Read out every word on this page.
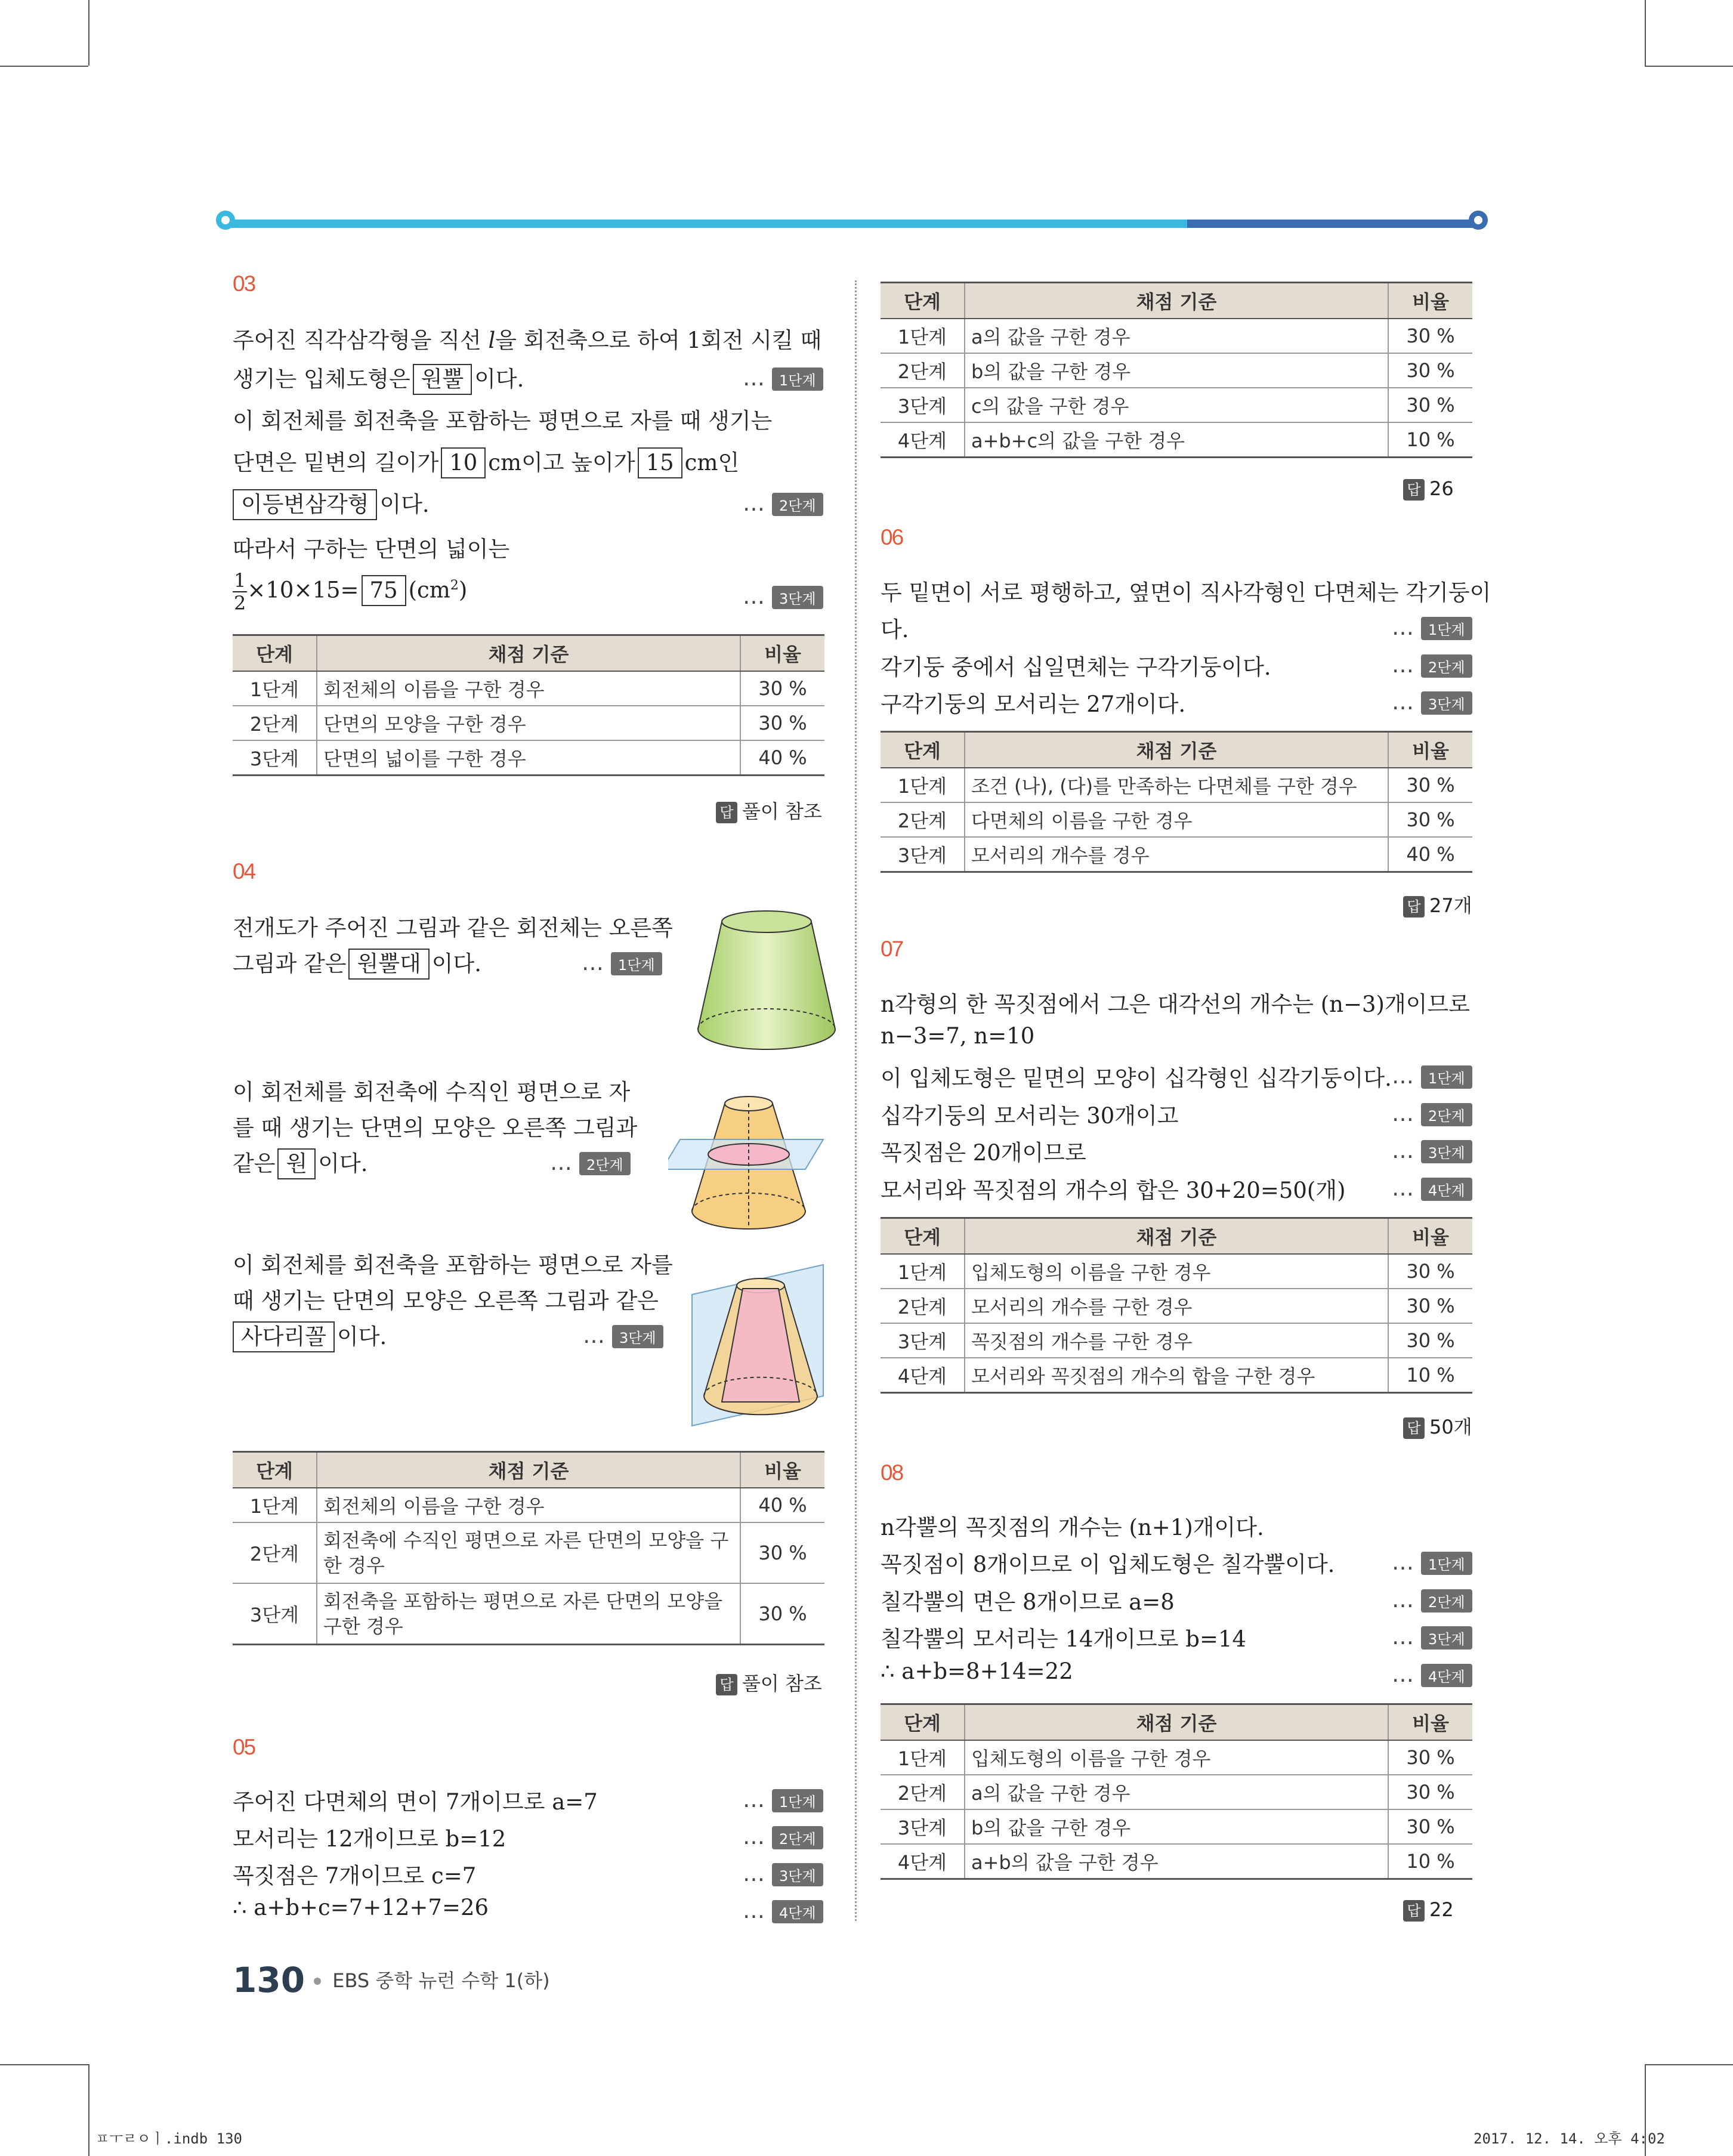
03
주어진 직각삼각형을 직선 l을 회전축으로 하여 1회전 시킬 때
생기는 입체도형은 원뿔 이다.	… 1단계
이 회전체를 회전축을 포함하는 평면으로 자를 때 생기는
단면은 밑변의 길이가 10 cm이고 높이가 15 cm인
이등변삼각형 이다.	… 2단계
따라서 구하는 단면의 넓이는
$\frac{1}{2} \times 10\times 15= 75$ $(cm^2)$	… 3단계
단계	채점 기준	비율
1단계	회전체의 이름을 구한 경우	30 %
2단계	단면의 모양을 구한 경우	30 %
3단계	단면의 넓이를 구한 경우	40 %
답 풀이 참조
04
전개도가 주어진 그림과 같은 회전체는 오른쪽
그림과 같은 원뿔대 이다.	… 1단계
이 회전체를 회전축에 수직인 평면으로 자
를 때 생기는 단면의 모양은 오른쪽 그림과
같은 원 이다.	… 2단계
이 회전체를 회전축을 포함하는 평면으로 자를
때 생기는 단면의 모양은 오른쪽 그림과 같은
사다리꼴 이다.	… 3단계
단계	채점 기준	비율
1단계	회전체의 이름을 구한 경우	40 %
2단계	회전축에 수직인 평면으로 자른 단면의 모양을 구한 경우	30 %
3단계	회전축을 포함하는 평면으로 자른 단면의 모양을 구한 경우	30 %
답 풀이 참조
05
주어진 다면체의 면이 7개이므로 a=7	… 1단계
모서리는 12개이므로 b=12	… 2단계
꼭짓점은 7개이므로 c=7	… 3단계
∴ a+b+c=7+12+7=26	… 4단계
단계	채점 기준	비율
1단계	a의 값을 구한 경우	30 %
2단계	b의 값을 구한 경우	30 %
3단계	c의 값을 구한 경우	30 %
4단계	a+b+c의 값을 구한 경우	10 %
답 26
06
두 밑면이 서로 평행하고, 옆면이 직사각형인 다면체는 각기둥이
다.	… 1단계
각기둥 중에서 십일면체는 구각기둥이다.	… 2단계
구각기둥의 모서리는 27개이다.	… 3단계
단계	채점 기준	비율
1단계	조건 (나), (다)를 만족하는 다면체를 구한 경우	30 %
2단계	다면체의 이름을 구한 경우	30 %
3단계	모서리의 개수를 경우	40 %
답 27개
07
n각형의 한 꼭짓점에서 그은 대각선의 개수는 (n−3)개이므로
n−3=7, n=10
이 입체도형은 밑면의 모양이 십각형인 십각기둥이다. … 1단계
십각기둥의 모서리는 30개이고	… 2단계
꼭짓점은 20개이므로	… 3단계
모서리와 꼭짓점의 개수의 합은 30+20=50(개) … 4단계
단계	채점 기준	비율
1단계	입체도형의 이름을 구한 경우	30 %
2단계	모서리의 개수를 구한 경우	30 %
3단계	꼭짓점의 개수를 구한 경우	30 %
4단계	모서리와 꼭짓점의 개수의 합을 구한 경우	10 %
답 50개
08
n각뿔의 꼭짓점의 개수는 (n+1)개이다.
꼭짓점이 8개이므로 이 입체도형은 칠각뿔이다.	… 1단계
칠각뿔의 면은 8개이므로 a=8	… 2단계
칠각뿔의 모서리는 14개이므로 b=14	… 3단계
∴ a+b=8+14=22	… 4단계
단계	채점 기준	비율
1단계	입체도형의 이름을 구한 경우	30 %
2단계	a의 값을 구한 경우	30 %
3단계	b의 값을 구한 경우	30 %
4단계	a+b의 값을 구한 경우	10 %
답 22
130 EBS 중학 뉴런 수학 1(하)
ㅍㅜㄹㅇㅣ.indb 130	2017. 12. 14. 오후 4:02
